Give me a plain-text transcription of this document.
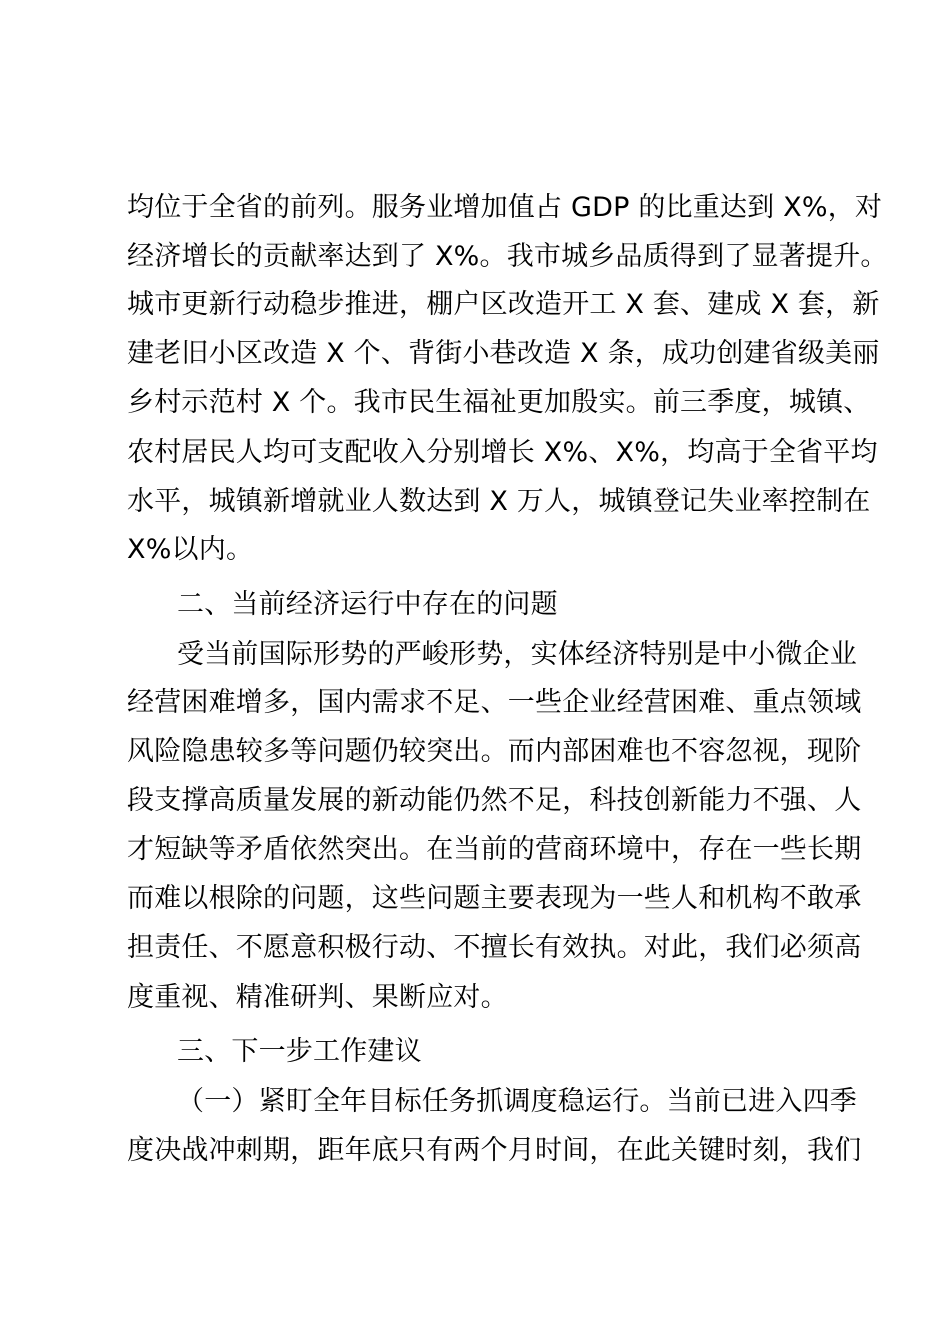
均位于全省的前列。服务业增加值占 GDP 的比重达到 X%，对
经济增长的贡献率达到了 X%。我市城乡品质得到了显著提升。
城市更新行动稳步推进，棚户区改造开工 X 套、建成 X 套，新
建老旧小区改造 X 个、背街小巷改造 X 条，成功创建省级美丽
乡村示范村 X 个。我市民生福祉更加殷实。前三季度，城镇、
农村居民人均可支配收入分别增长 X%、X%，均高于全省平均
水平，城镇新增就业人数达到 X 万人，城镇登记失业率控制在
X%以内。
二、当前经济运行中存在的问题
受当前国际形势的严峻形势，实体经济特别是中小微企业
经营困难增多，国内需求不足、一些企业经营困难、重点领域
风险隐患较多等问题仍较突出。而内部困难也不容忽视，现阶
段支撑高质量发展的新动能仍然不足，科技创新能力不强、人
才短缺等矛盾依然突出。在当前的营商环境中，存在一些长期
而难以根除的问题，这些问题主要表现为一些人和机构不敢承
担责任、不愿意积极行动、不擅长有效执。对此，我们必须高
度重视、精准研判、果断应对。
三、下一步工作建议
（一）紧盯全年目标任务抓调度稳运行。当前已进入四季
度决战冲刺期，距年底只有两个月时间，在此关键时刻，我们
